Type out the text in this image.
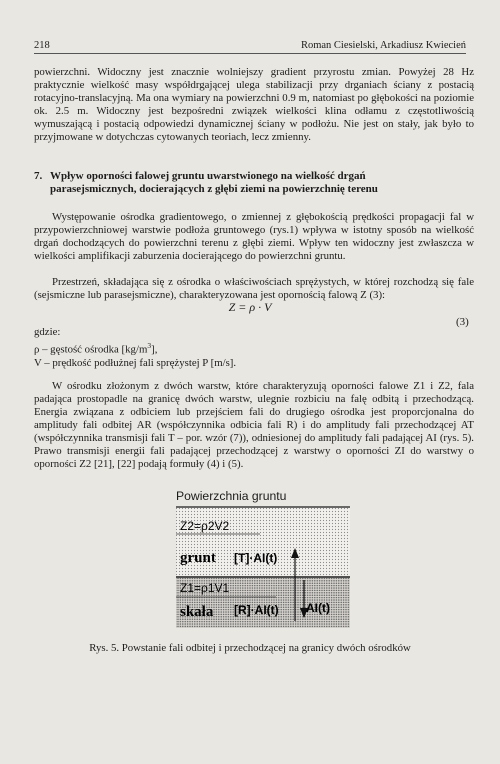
218	Roman Ciesielski, Arkadiusz Kwiecień
powierzchni. Widoczny jest znacznie wolniejszy gradient przyrostu zmian. Powyżej 28 Hz praktycznie wielkość masy współdrgającej ulega stabilizacji przy drganiach ściany z postacią rotacyjno-translacyjną. Ma ona wymiary na powierzchni 0.9 m, natomiast po głębokości na poziomie ok. 2.5 m. Widoczny jest bezpośredni związek wielkości klina odłamu z częstotliwością wymuszającą i postacią odpowiedzi dynamicznej ściany w podłożu. Nie jest on stały, jak było to przyjmowane w dotychczas cytowanych teoriach, lecz zmienny.
7. Wpływ oporności falowej gruntu uwarstwionego na wielkość drgań
parasejsmicznych, docierających z głębi ziemi na powierzchnię terenu
Występowanie ośrodka gradientowego, o zmiennej z głębokością prędkości propagacji fal w przypowierzchniowej warstwie podłoża gruntowego (rys.1) wpływa w istotny sposób na wielkość drgań dochodzących do powierzchni terenu z głębi ziemi. Wpływ ten widoczny jest zwłaszcza w wielkości amplifikacji zaburzenia docierającego do powierzchni gruntu.
Przestrzeń, składająca się z ośrodka o właściwościach sprężystych, w której rozchodzą się fale (sejsmiczne lub parasejsmiczne), charakteryzowana jest opornością falową Z (3):
Z = ρ · V
(3)
gdzie:
ρ – gęstość ośrodka $[kg/m^3]$,
V – prędkość podłużnej fali sprężystej P [m/s].
W ośrodku złożonym z dwóch warstw, które charakteryzują oporności falowe Z1 i Z2, fala padająca prostopadle na granicę dwóch warstw, ulegnie rozbiciu na falę odbitą i przechodzącą. Energia związana z odbiciem lub przejściem fali do drugiego ośrodka jest proporcjonalna do amplitudy fali odbitej AR (współczynnika odbicia fali R) i do amplitudy fali przechodzącej AT (współczynnika transmisji fali T – por. wzór (7)), odniesionej do amplitudy fali padającej AI (rys. 5). Prawo transmisji energii fali padającej przechodzącej z warstwy o oporności ZI do warstwy o oporności Z2 [21], [22] podają formuły (4) i (5).
Powierzchnia gruntu
Z2=ρ2V2
grunt [T]·AI(t)
Z1=ρ1V1
skała [R]·AI(t) AI(t)
Rys. 5. Powstanie fali odbitej i przechodzącej na granicy dwóch ośrodków
